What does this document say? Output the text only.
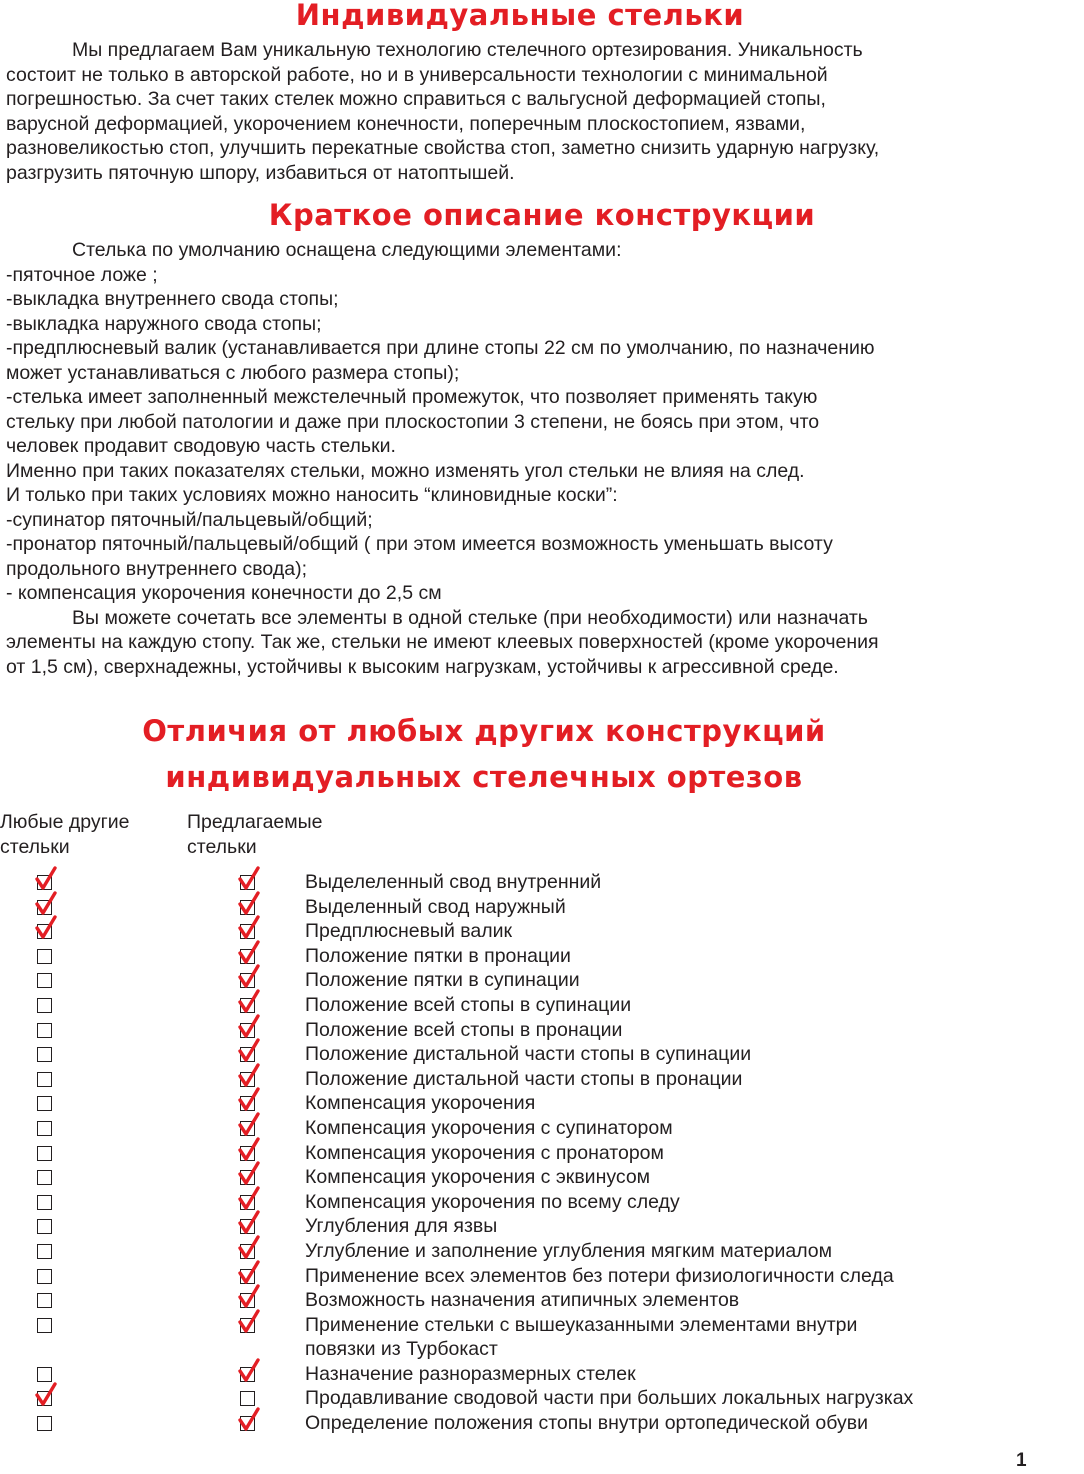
Индивидуальные стельки
Мы предлагаем Вам уникальную технологию стелечного ортезирования. Уникальность
состоит не только в авторской работе, но и в универсальности технологии с минимальной
погрешностью. За счет таких стелек можно справиться с вальгусной деформацией стопы,
варусной деформацией, укорочением конечности, поперечным плоскостопием, язвами,
разновеликостью стоп, улучшить перекатные свойства стоп, заметно снизить ударную нагрузку,
разгрузить пяточную шпору, избавиться от натоптышей.
Краткое описание конструкции
Стелька по умолчанию оснащена следующими элементами:
-пяточное ложе ;
-выкладка внутреннего свода стопы;
-выкладка наружного свода стопы;
-предплюсневый валик (устанавливается при длине стопы 22 см по умолчанию, по назначению
может устанавливаться с любого размера стопы);
-стелька имеет заполненный межстелечный промежуток, что позволяет применять такую
стельку при любой патологии и даже при плоскостопии 3 степени, не боясь при этом, что
человек продавит сводовую часть стельки.
Именно при таких показателях стельки, можно изменять угол стельки не влияя на след.
И только при таких условиях можно наносить “клиновидные коски”:
-супинатор пяточный/пальцевый/общий;
-пронатор пяточный/пальцевый/общий ( при этом имеется возможность уменьшать высоту
продольного внутреннего свода);
- компенсация укорочения конечности до 2,5 см
Вы можете сочетать все элементы в одной стельке (при необходимости) или назначать
элементы на каждую стопу. Так же, стельки не имеют клеевых поверхностей (кроме укорочения
от 1,5 см), сверхнадежны, устойчивы к высоким нагрузкам, устойчивы к агрессивной среде.
Отличия от любых других конструкций
индивидуальных стелечных ортезов
Любые другие
стельки
Предлагаемые
стельки
Выделеленный свод внутренний
Выделенный свод наружный
Предплюсневый валик
Положение пятки в пронации
Положение пятки в супинации
Положение всей стопы в супинации
Положение всей стопы в пронации
Положение дистальной части стопы в супинации
Положение дистальной части стопы в пронации
Компенсация укорочения
Компенсация укорочения с супинатором
Компенсация укорочения с пронатором
Компенсация укорочения с эквинусом
Компенсация укорочения по всему следу
Углубления для язвы
Углубление и заполнение углубления мягким материалом
Применение всех элементов без потери физиологичности следа
Возможность назначения атипичных элементов
Применение стельки с вышеуказанными элементами внутри
повязки из Турбокаст
Назначение разноразмерных стелек
Продавливание сводовой части при больших локальных нагрузках
Определение положения стопы внутри ортопедической обуви
1
